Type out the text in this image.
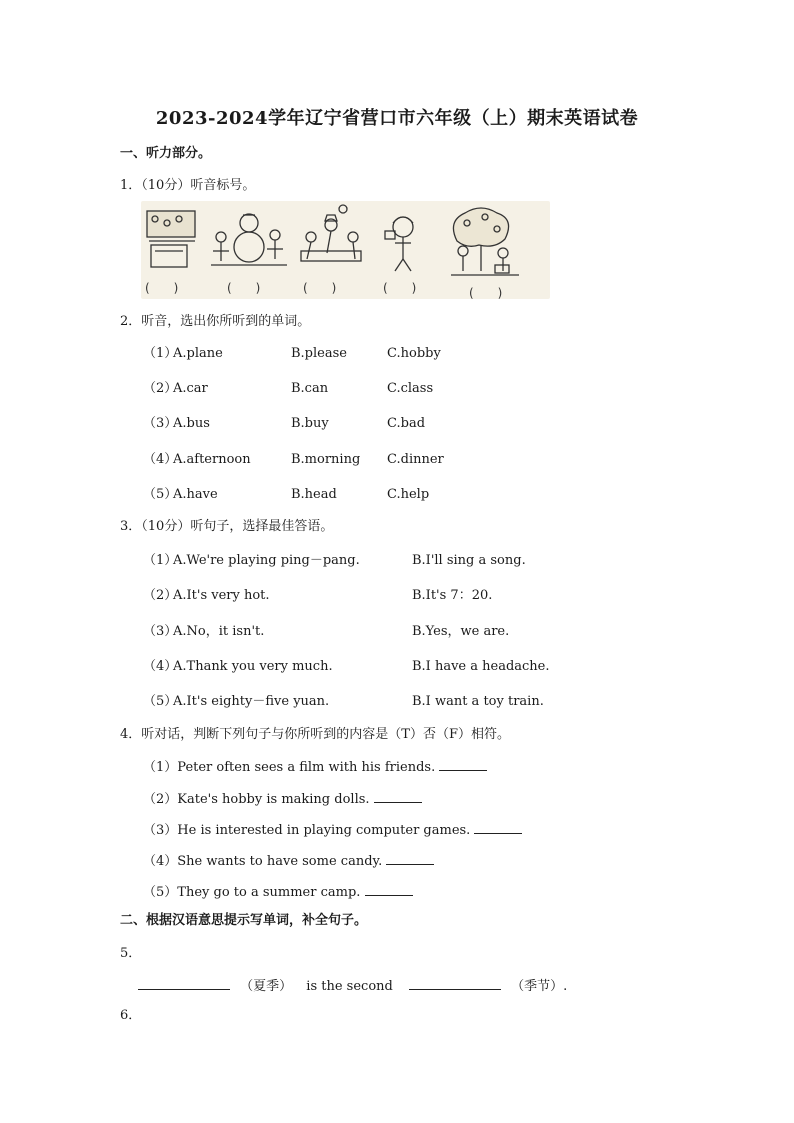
2023-2024学年辽宁省营口市六年级（上）期末英语试卷
一、听力部分。
1．（10分）听音标号。
(　　)	(　　)	(　　)	(　　)	(　　)
2．听音，选出你所听到的单词。
（1）
A.plane	B.please	C.hobby
（2）
A.car	B.can	C.class
（3）
A.bus	B.buy	C.bad
（4）
A.afternoon	B.morning C.dinner
（5）
A.have	B.head	C.help
3．（10分）听句子，选择最佳答语。
（1）
A.We're playing ping－pang.	B.I'll sing a song.
（2）
A.It's very hot.	B.It's 7：20.
（3）
A.No，it isn't.	B.Yes，we are.
（4）
A.Thank you very much.	B.I have a headache.
（5）
A.It's eighty－five yuan.	B.I want a toy train.
4．听对话，判断下列句子与你所听到的内容是（T）否（F）相符。
（1）Peter often sees a film with his friends.
（2）Kate's hobby is making dolls.
（3）He is interested in playing computer games.
（4）She wants to have some candy.
（5）They go to a summer camp.
二、根据汉语意思提示写单词，补全句子。
5．
（夏季） is the second	（季节）.
6．
